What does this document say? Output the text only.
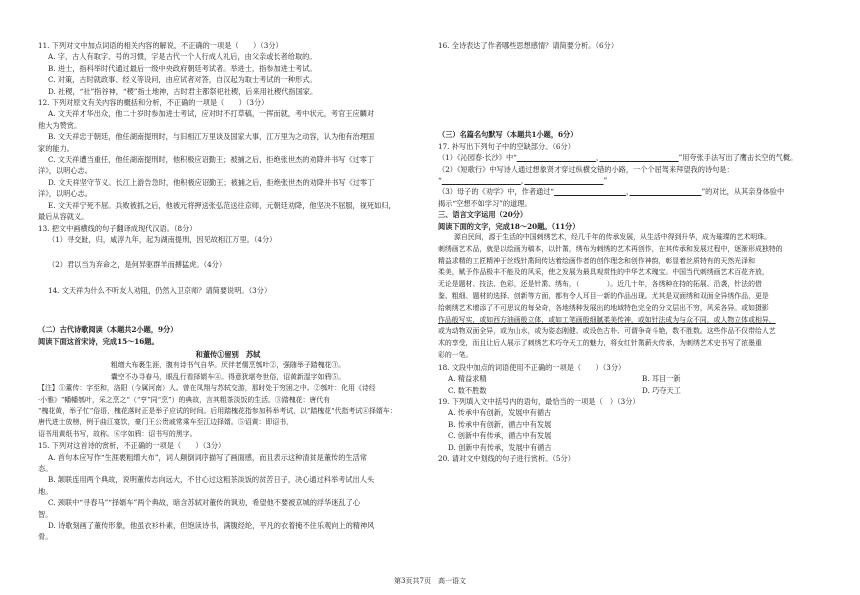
11. 下列对文中加点词语的相关内容的解说，不正确的一项是（　　）（3分）

A. 字，古人有取字、号的习惯，字是古代一个人行成人礼后，由父亲或长者给取的。

B. 进士，指科举时代通过最后一级中央政府朝廷考试者。举进士，指参加进士考试。

C. 对策，古时就政事、经义等设问，由应试者对答，自汉起为取士考试的一种形式。

D. 社稷，“社”指谷神，“稷”指土地神，古时君主都祭祀社稷，后来用社稷代指国家。

12. 下列对原文有关内容的概括和分析，不正确的一项是（　　）（3分）

A. 文天祥才华出众，他二十岁时参加进士考试，应对时不打草稿，一挥而就，考中状元，考官王应麟对

他大为赞赏。

B. 文天祥忠于朝廷，他任湖南提刑时，与旧相江万里谈及国家大事，江万里为之动容，认为他有治理国

家的能力。

C. 文天祥遭当重任，他任湖南提刑时，他积极应诏勤王；被捕之后，拒绝张世杰的劝降并书写《过零丁

洋》，以明心志。

D. 文天祥坚守节义。长江上游告急时，他积极应诏勤王；被捕之后，拒绝张世杰的劝降并书写《过零丁

洋》，以明心志。

E. 文天祥宁死不屈。兵败被抓之后，他被元将押送张弘范送往京师，元朝廷劝降，他坚决不屈服，视死如归，

最后从容就义。

13. 把文中画横线的句子翻译成现代汉语。（8分）

（1）寻交趾，归，咸淳九年，起为湖南提刑，因见故相江万里。（4分）

（2）君以当为弃命之，是何异驱群羊而搏猛虎。（4分）

14. 文天祥为什么不听友人劝阻，仍然入卫京师？请简要说明。（3分）

（二）古代诗歌阅读（本题共2小题，9分）

阅读下面这首宋诗，完成15～16题。

和董传①留别　苏轼

粗缯大布裹生涯，腹有诗书气自华。厌伴老儒烹瓠叶②，强随举子踏槐花③。

囊空不办寻春马，眼乱行看择婿车④。得意犹堪夸世俗，诏黄新湿字如鸦⑤。

【注】①董传：字至和，洛阳（今属河南）人。曾在凤翔与苏轼交游，那时处于穷困之中。②瓠叶：化用《诗经

·小雅》“幡幡瓠叶，采之烹之”（“亨”同“烹”）的典故，言其粗茶淡饭的生活。③踏槐花：唐代有

“槐花黄，举子忙”俗语，槐花落时正是举子应试的时间。后用踏槐花指参加科举考试，以“踏槐花”代指考试④择婿车：

唐代进士放榜，例于曲江宴饮，豪门王公贵戚常乘车至江边择婿。⑤诏黄：即诏书，

诏书用黄纸书写，故称。⑥字如鸦：诏书写的黑字。

15. 下列对这首诗的赏析，不正确的一项是（　　）（3分）

A. 首句本应写作“生涯裹粗缯大布”，词人颠倒词序描写了画面感，而且表示这种清贫是董传的生活常

态。

B. 颔联连用两个典故，说明董传志向远大，不甘心过这粗茶淡饭的贫苦日子，决心通过科举考试出人头

地。

C. 颈联中“寻春马”“择婿车”两个典故，暗含苏轼对董传的讽劝，希望他不要被京城的浮华迷乱了心

智。

D. 诗歌刻画了董传形象，他虽衣衫朴素，但饱读诗书，满腹经纶，平凡的衣着掩不住乐观向上的精神风

骨。

16. 全诗表达了作者哪些思想感情？请简要分析。（6分）

（三）名篇名句默写（本题共1小题，6分）

17. 补写出下列句子中的空缺部分。（6分）

（1）《沁园春·长沙》中“　　　　　　　　　　　	，　　　　　　　　　　　	”用夸张手法写出了鹰击长空的气概。

（2）《短歌行》中写诗人通过想象贤才穿过纵横交错的小路，一个个屈驾来拜望我的诗句是：

“　　　　　　　　　　　	，　　　　　　　　　　　	”

（3）母子的《劝学》中，作者通过“　　　　　　　　　　	，　　　　　　　　　　	”的对比，从其亲身体验中

揭示“空想不如学习”的道理。

三、语言文字运用（20分）

阅读下面的文字，完成18～20题。（11分）

源自民间，源于生活的中国刺绣艺术，经几千年的传承发展，从生活中得到升华，成为璀璨的艺术明珠。

刺绣画艺术品，就是以绘画为稿本，以针黹，绣布为刺绣的艺术再创作，在其传承和发展过程中，逐渐形成独特的

精益求精的工匠精神于丝线针黹间传达着绘画作者的创作理念和创作神韵，彰显着丝质特有的天然光泽和

柔美，赋予作品极丰不能及的风采，使之发展为最具观赏性的中华艺术瑰宝。中国当代刺绣画艺术百花齐放，

无论是题材、技法、色彩，还是针黹、绣布，（　　　　）。近几十年，各绣种在持的拓展、沿袭，针法的借

鉴、粗细、题材的选择、创新等方面，都有令人耳目一新的作品出现。尤其是双面绣和双面全异绣作品，更是

给刺绣艺术增添了不可思议的每朵奇，各地绣种发展出的地域特色完全的分文层出不穷，风采各异。或如摄影

作品般写实，或如西方油画般立体，或如工笔画般细腻柔美传神，或如针法成为与众不同，或人物立体或相异，

或为动物双面全异，或为山水，或为姿态刚健、或设色古朴、可谓争奇斗艳，数不胜数。这些作品不仅带给人艺

术的享受，而且让后人展示了刺绣艺术巧夺天工的魅力，将女红针黹薪火传承，为刺绣艺术史书写了浓墨重

彩的一笔。

18. 文段中加点的词语使用不正确的一项是（　　）（3分）

A. 精益求精	B. 耳目一新
C. 数不胜数	D. 巧夺天工

19. 下列填入文中括号内的语句，最恰当的一项是（　）（3分）

A. 传承中有创新，发展中有循古

B. 传承中有创新，循古中有发展

C. 创新中有传承，循古中有发展

D. 创新中有传承，发展中有循古

20. 请对文中划线的句子进行赏析。（5分）

第3页共7页　高一语文
